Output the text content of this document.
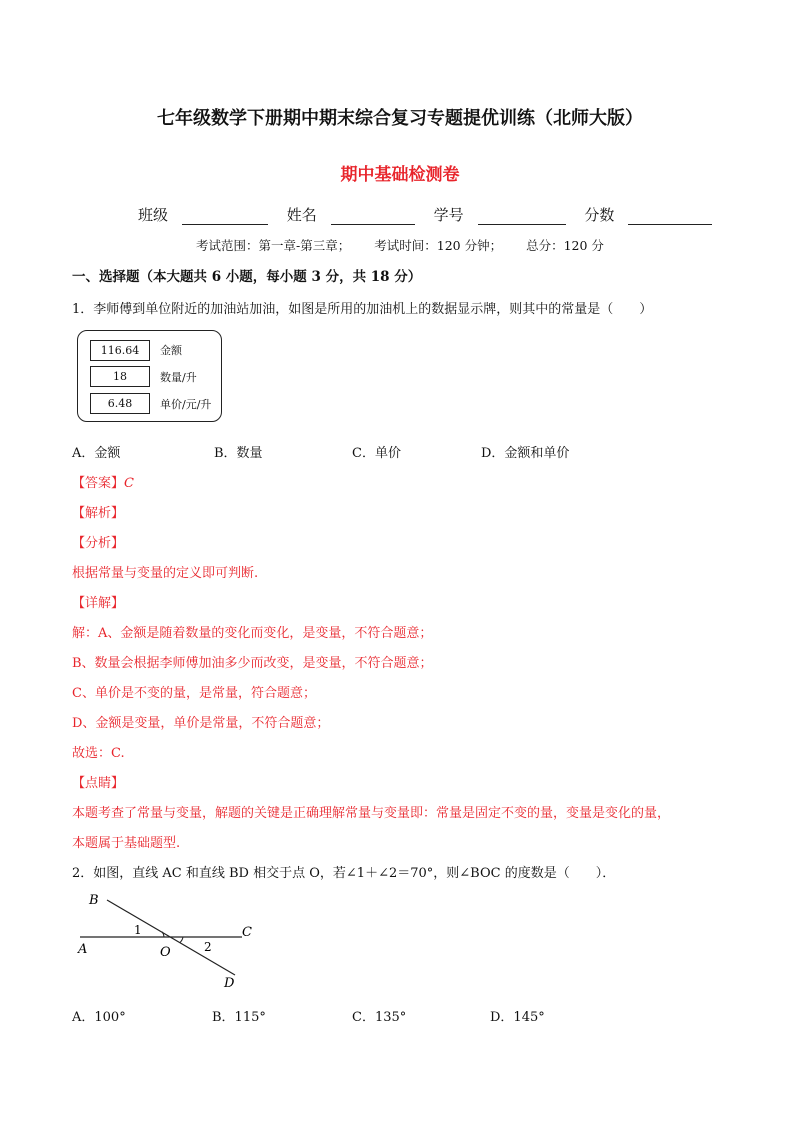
七年级数学下册期中期末综合复习专题提优训练（北师大版）
期中基础检测卷
班级	姓名	学号	分数
考试范围：第一章-第三章； 考试时间：120 分钟； 总分：120 分
一、选择题（本大题共 6 小题，每小题 3 分，共 18 分）
1．李师傅到单位附近的加油站加油，如图是所用的加油机上的数据显示牌，则其中的常量是（　　）
116.64	金额
18	数量/升
6.48	单价/元/升
A．金额	B．数量	C．单价	D．金额和单价
【答案】C
【解析】
【分析】
根据常量与变量的定义即可判断.
【详解】
解：A、金额是随着数量的变化而变化，是变量，不符合题意；
B、数量会根据李师傅加油多少而改变，是变量，不符合题意；
C、单价是不变的量，是常量，符合题意；
D、金额是变量，单价是常量，不符合题意；
故选：C.
【点睛】
本题考查了常量与变量，解题的关键是正确理解常量与变量即：常量是固定不变的量，变量是变化的量，
本题属于基础题型.
2．如图，直线 AC 和直线 BD 相交于点 O，若∠1＋∠2＝70°，则∠BOC 的度数是（　　）．
B
A
C
O
D
1
2
A．100°	B．115°	C．135°	D．145°
